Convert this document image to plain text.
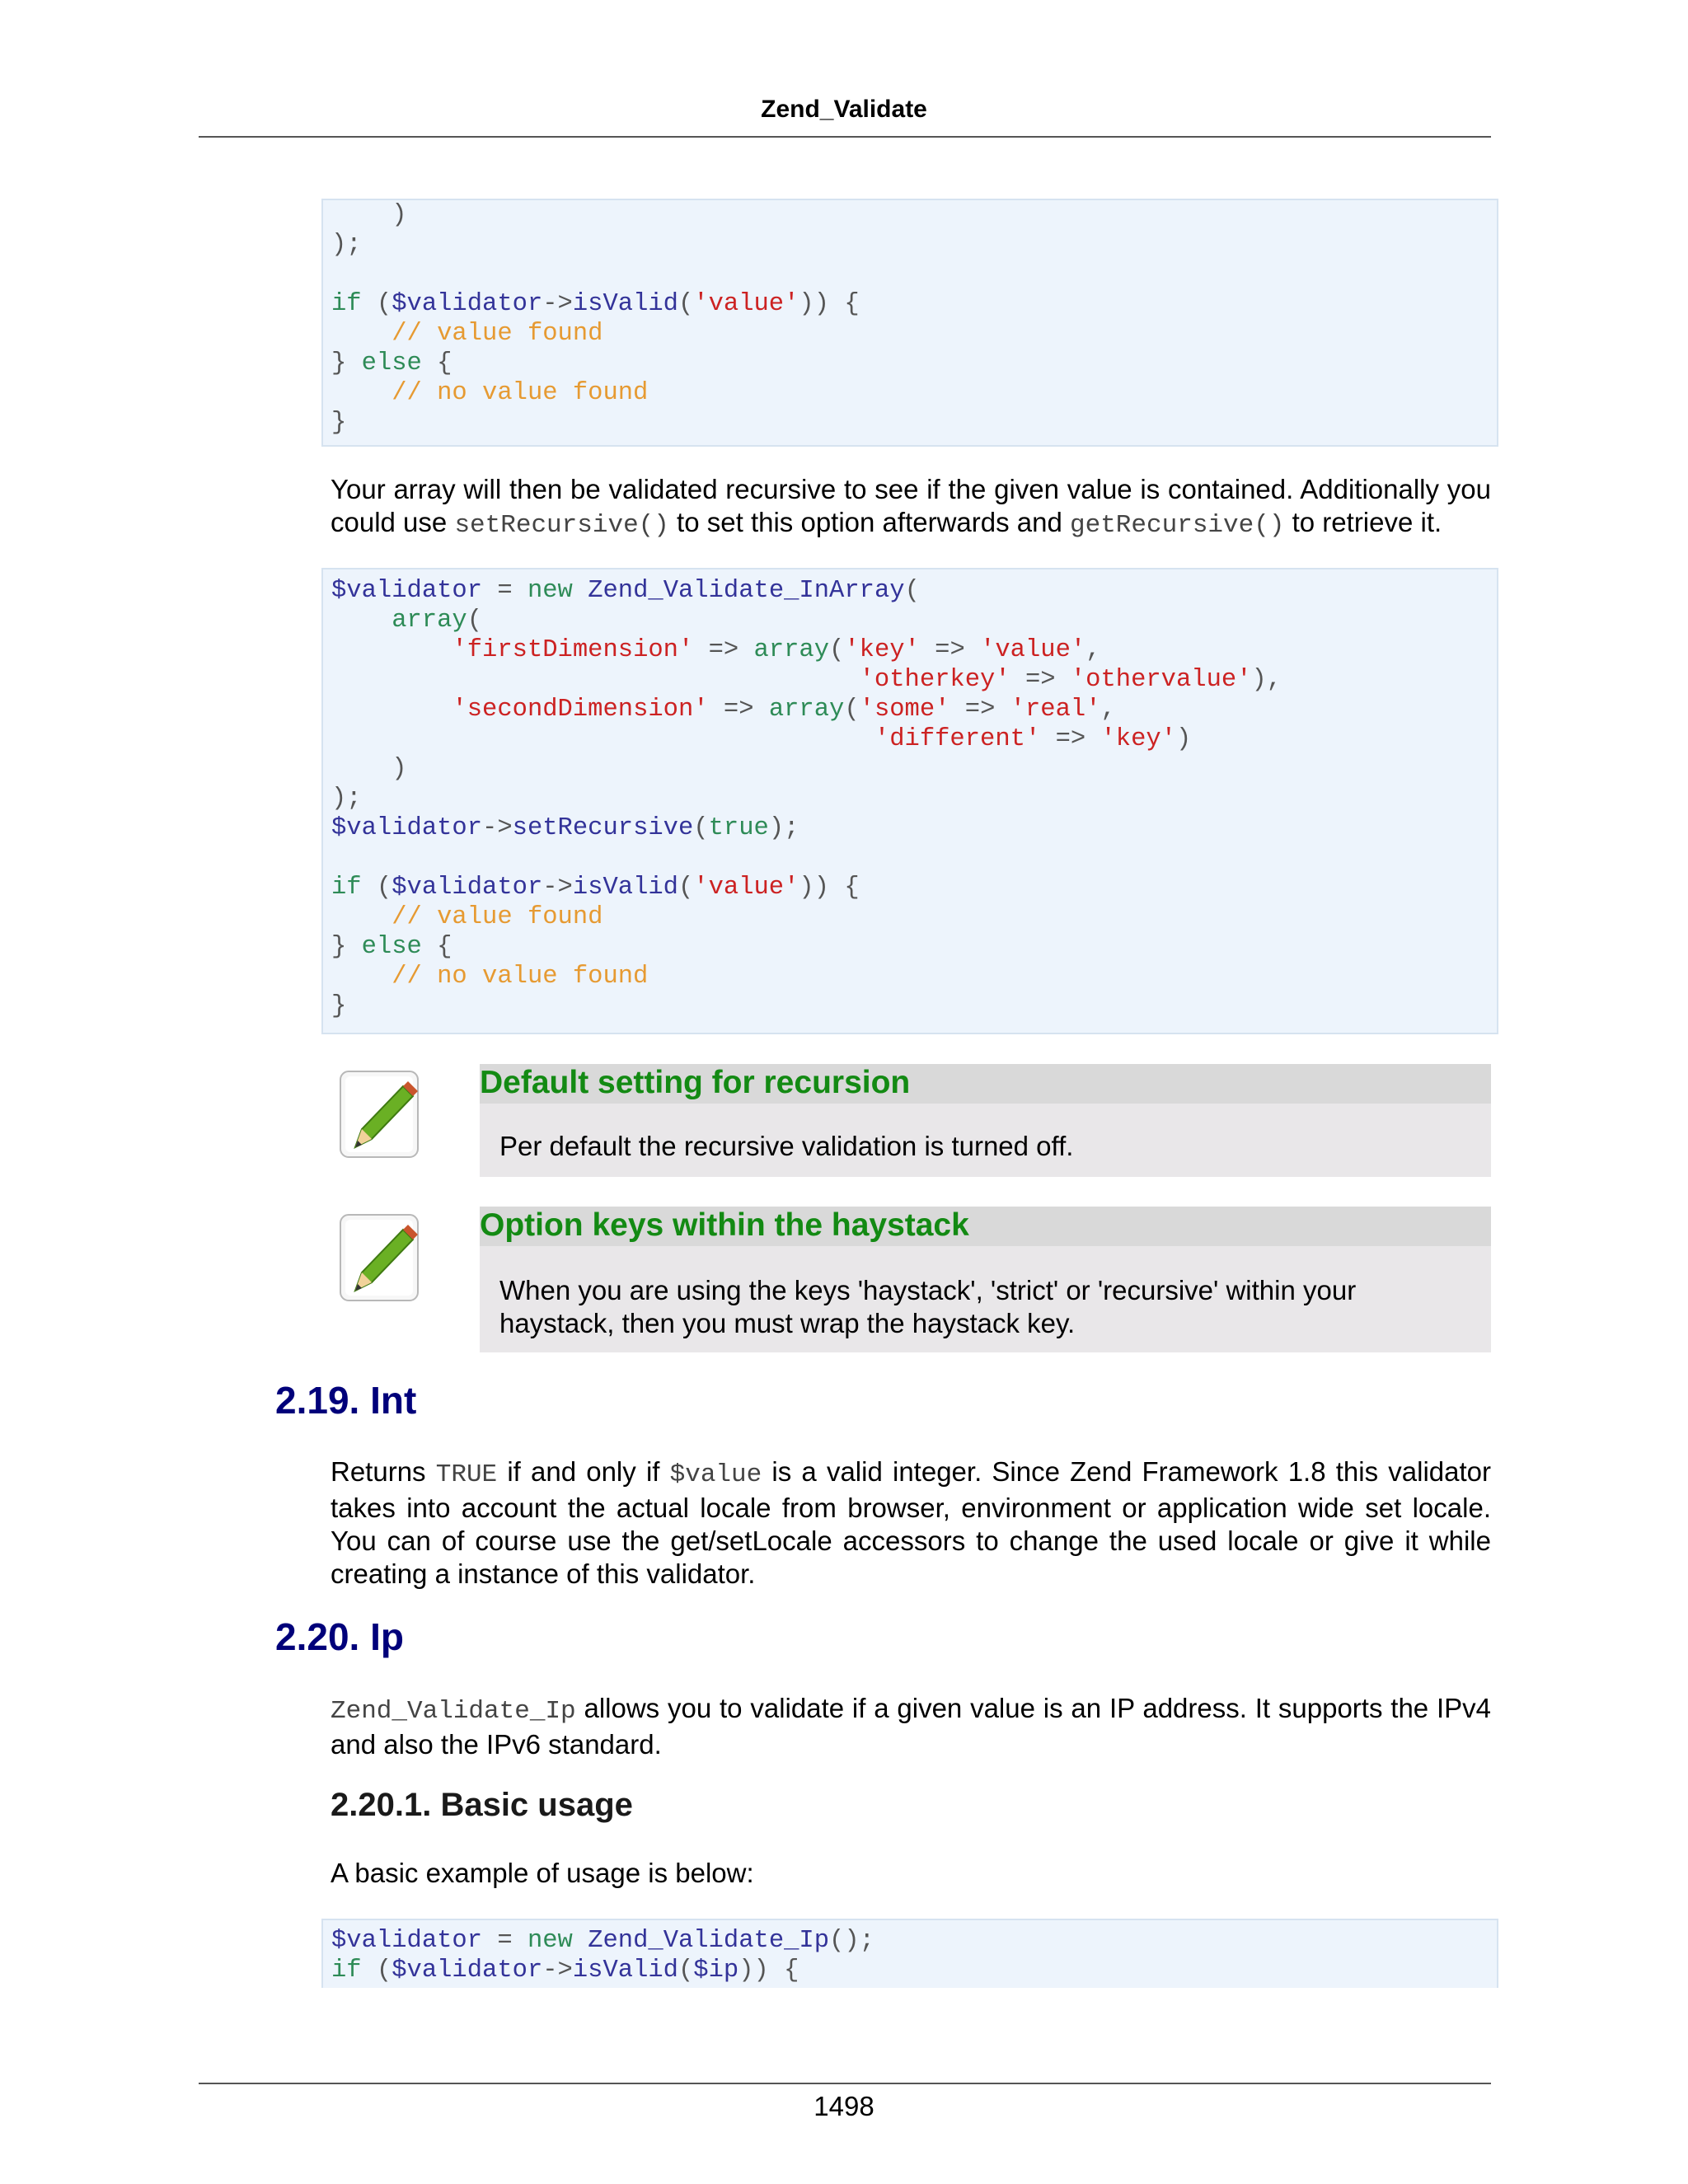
Zend_Validate
)
);

if ($validator->isValid('value')) {
// value found
} else {
// no value found
}
Your array will then be validated recursive to see if the given value is contained. Additionally you could use setRecursive() to set this option afterwards and getRecursive() to retrieve it.
$validator = new Zend_Validate_InArray(
array(
'firstDimension' => array('key' => 'value',
'otherkey' => 'othervalue'),
'secondDimension' => array('some' => 'real',
'different' => 'key')
)
);
$validator->setRecursive(true);

if ($validator->isValid('value')) {
// value found
} else {
// no value found
}
Default setting for recursion
Per default the recursive validation is turned off.
Option keys within the haystack
When you are using the keys 'haystack', 'strict' or 'recursive' within your haystack, then you must wrap the haystack key.
2.19. Int
Returns TRUE if and only if $value is a valid integer. Since Zend Framework 1.8 this validator takes into account the actual locale from browser, environment or application wide set locale. You can of course use the get/setLocale accessors to change the used locale or give it while creating a instance of this validator.
2.20. Ip
Zend_Validate_Ip allows you to validate if a given value is an IP address. It supports the IPv4 and also the IPv6 standard.
2.20.1. Basic usage
A basic example of usage is below:
$validator = new Zend_Validate_Ip();
if ($validator->isValid($ip)) {
1498
